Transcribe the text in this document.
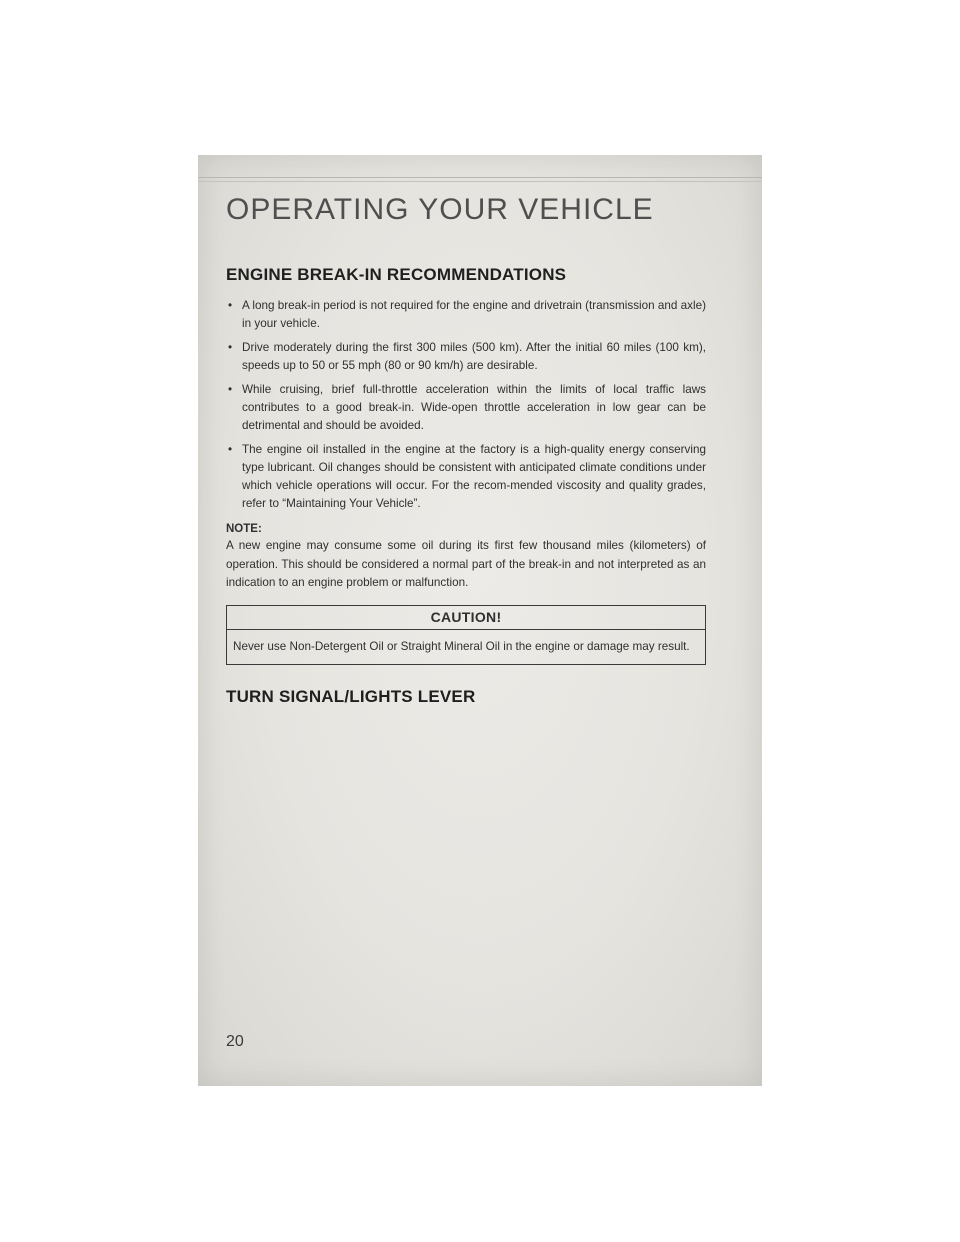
OPERATING YOUR VEHICLE
ENGINE BREAK-IN RECOMMENDATIONS
• A long break-in period is not required for the engine and drivetrain (transmission and axle) in your vehicle.
• Drive moderately during the first 300 miles (500 km). After the initial 60 miles (100 km), speeds up to 50 or 55 mph (80 or 90 km/h) are desirable.
• While cruising, brief full-throttle acceleration within the limits of local traffic laws contributes to a good break-in. Wide-open throttle acceleration in low gear can be detrimental and should be avoided.
• The engine oil installed in the engine at the factory is a high-quality energy conserving type lubricant. Oil changes should be consistent with anticipated climate conditions under which vehicle operations will occur. For the recom-mended viscosity and quality grades, refer to “Maintaining Your Vehicle”.
NOTE:
A new engine may consume some oil during its first few thousand miles (kilometers) of operation. This should be considered a normal part of the break-in and not interpreted as an indication to an engine problem or malfunction.
CAUTION!
Never use Non-Detergent Oil or Straight Mineral Oil in the engine or damage may result.
TURN SIGNAL/LIGHTS LEVER
20
